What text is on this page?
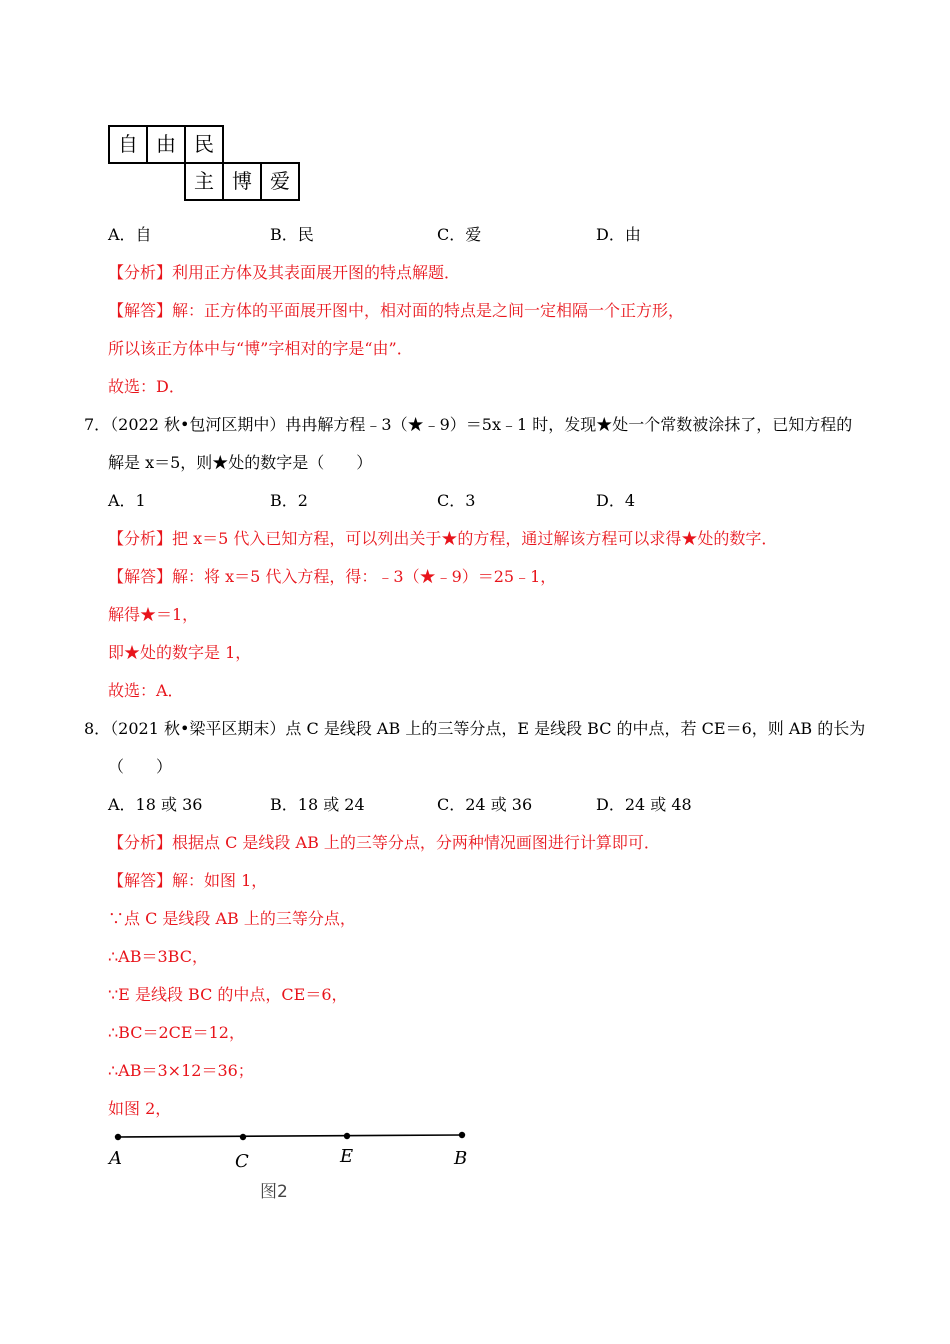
自 由 民
主 博 爱
A．自	B．民	C．爱	D．由
【分析】利用正方体及其表面展开图的特点解题．
【解答】解：正方体的平面展开图中，相对面的特点是之间一定相隔一个正方形，
所以该正方体中与“博”字相对的字是“由”．
故选：D．
7．（2022 秋•包河区期中）冉冉解方程﹣3（★﹣9）＝5x﹣1 时，发现★处一个常数被涂抹了，已知方程的
解是 x＝5，则★处的数字是（　　）
A．1	B．2	C．3	D．4
【分析】把 x＝5 代入已知方程，可以列出关于★的方程，通过解该方程可以求得★处的数字．
【解答】解：将 x＝5 代入方程，得：﹣3（★﹣9）＝25﹣1，
解得★＝1，
即★处的数字是 1，
故选：A．
8．（2021 秋•梁平区期末）点 C 是线段 AB 上的三等分点，E 是线段 BC 的中点，若 CE＝6，则 AB 的长为
（　　）
A．18 或 36	B．18 或 24	C．24 或 36	D．24 或 48
【分析】根据点 C 是线段 AB 上的三等分点，分两种情况画图进行计算即可．
【解答】解：如图 1，
∵点 C 是线段 AB 上的三等分点，
∴AB＝3BC，
∵E 是线段 BC 的中点，CE＝6，
∴BC＝2CE＝12，
∴AB＝3×12＝36；
如图 2，
A	C	E	B
图2
